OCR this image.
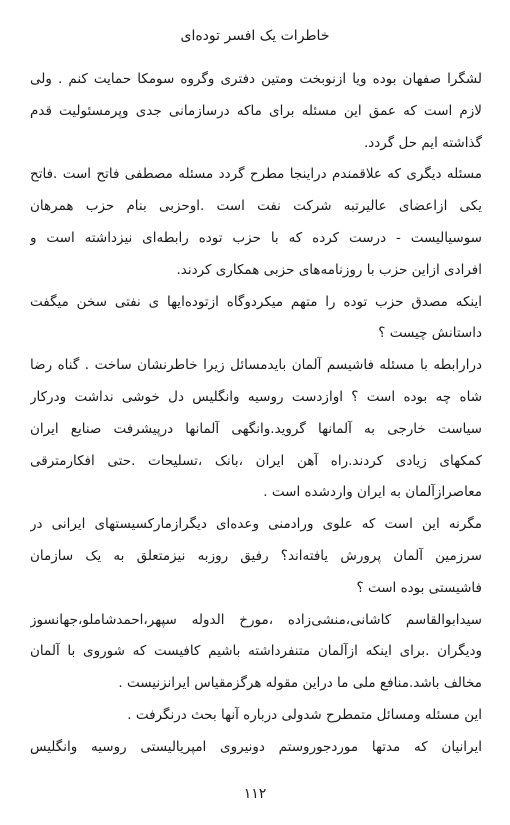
خاطرات یک افسر توده‌ای
لشگرا صفهان بوده ویا ازنوبخت ومتین دفتری وگروه سومکا حمایت کنم . ولی
لازم است که عمق این مسئله برای ماکه درسازمانی جدی وپرمسئولیت قدم
گذاشته ایم حل گردد.
مسئله دیگری که علاقمندم دراینجا مطرح گردد مسئله مصطفی فاتح است .فاتح
یکی ازاعضای عالیرتبه شرکت نفت است .اوحزبی بنام حزب همرهان
سوسیالیست - درست کرده که با حزب توده رابطه‌ای نیزداشته است و
افرادی ازاین حزب با روزنامه‌های حزبی همکاری کردند.
اینکه مصدق حزب توده را متهم میکردوگاه ازتوده‌ایها ی نفتی سخن میگفت
داستانش چیست ؟
درارابطه با مسئله فاشیسم آلمان بایدمسائل زیرا خاطرنشان ساخت . گناه رضا
شاه چه بوده است ؟ اوازدست روسیه وانگلیس دل خوشی نداشت ودرکار
سیاست خارجی به آلمانها گروید.وانگهی آلمانها درپیشرفت صنایع ایران
کمکهای زیادی کردند.راه آهن ایران ،بانک ،تسلیحات .حتی افکارمترقی
معاصرازآلمان به ایران واردشده است .
مگرنه این است که علوی ورادمنی وعده‌ای دیگرازمارکسیستهای ایرانی در
سرزمین آلمان پرورش یافته‌اند؟ رفیق روزبه نیزمتعلق به یک سازمان
فاشیستی بوده است ؟
سیدابوالقاسم کاشانی،منشی‌زاده ،مورخ الدوله سپهر،احمدشاملو،جهانسوز
ودیگران .برای اینکه ازآلمان متنفرداشته باشیم کافیست که شوروی با آلمان
مخالف باشد.منافع ملی ما دراین مقوله هرگزمقیاس ایرانزنیست .
این مسئله ومسائل متمطرح شدولی درباره آنها بحث درنگرفت .
ایرانیان که مدتها موردجوروستم دونیروی امپریالیستی روسیه وانگلیس
۱۱۲
